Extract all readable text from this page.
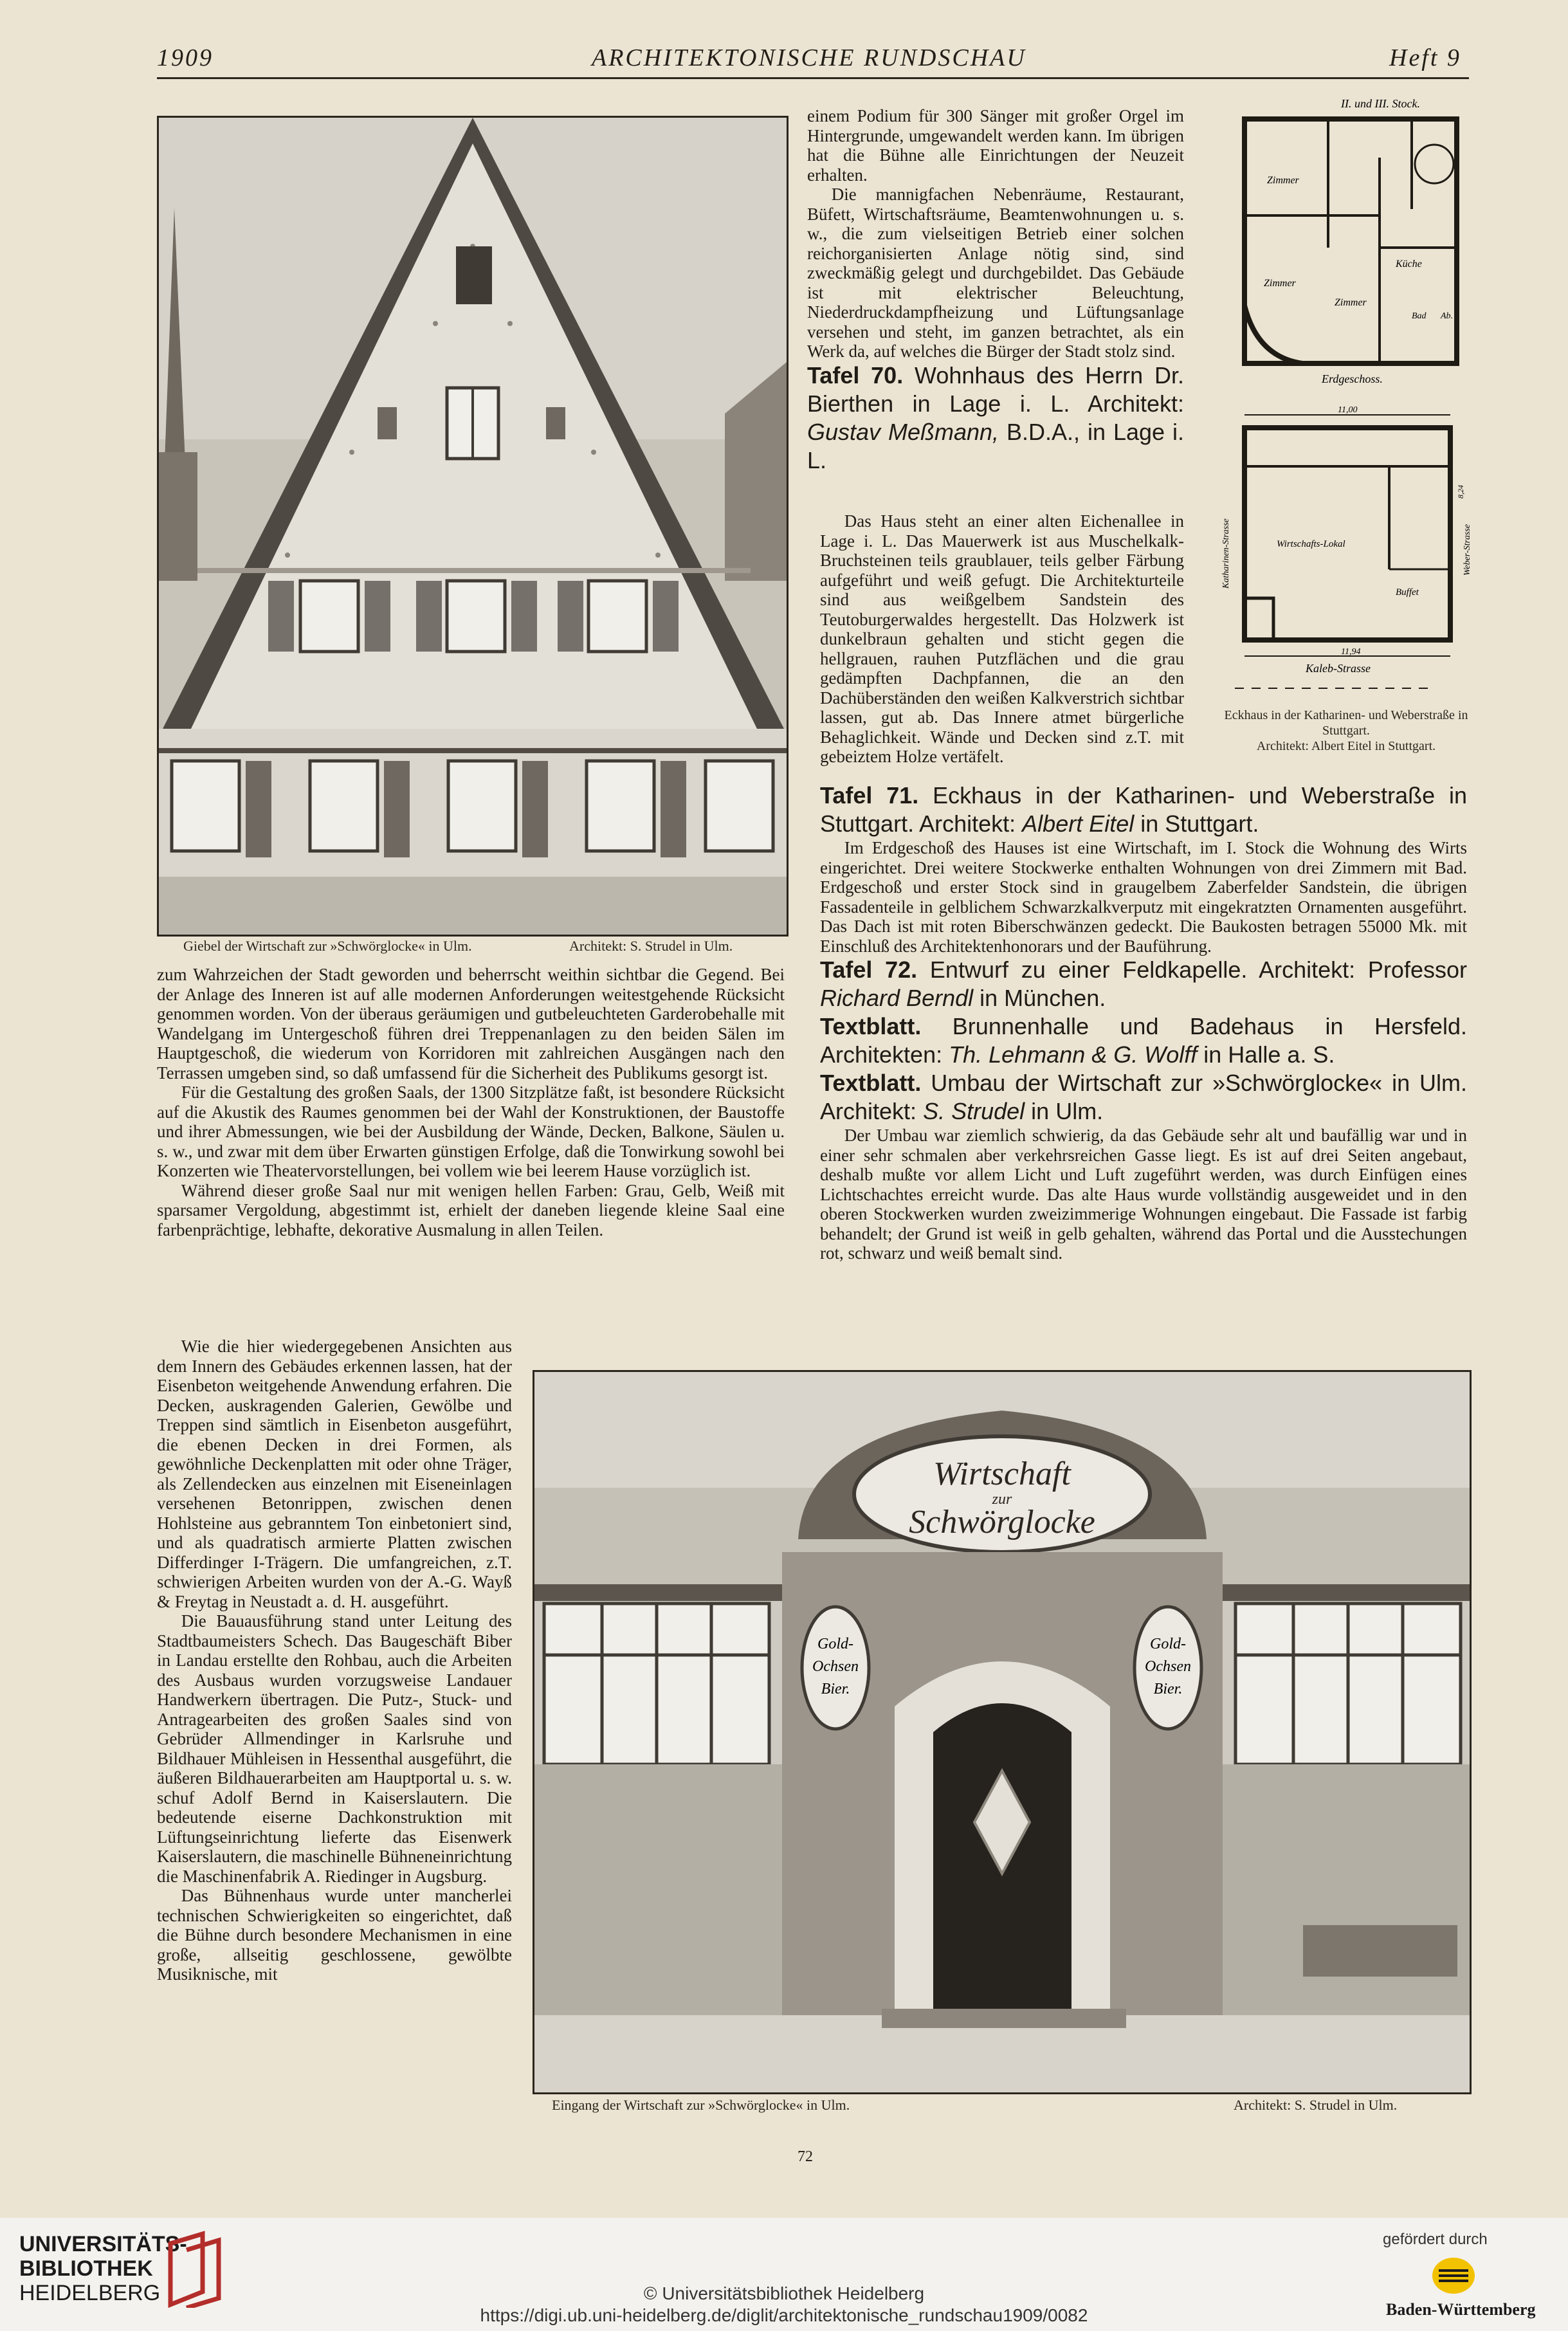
1909	ARCHITEKTONISCHE RUNDSCHAU	Heft 9
Giebel der Wirtschaft zur »Schwörglocke« in Ulm.	Architekt: S. Strudel in Ulm.

zum Wahrzeichen der Stadt geworden und beherrscht weithin sichtbar die Gegend. Bei der Anlage des Inneren ist auf alle modernen Anforderungen weitestgehende Rücksicht genommen worden. Von der überaus geräumigen und gutbeleuchteten Garderobehalle mit Wandelgang im Untergeschoß führen drei Treppenanlagen zu den beiden Sälen im Hauptgeschoß, die wiederum von Korridoren mit zahlreichen Ausgängen nach den Terrassen umgeben sind, so daß umfassend für die Sicherheit des Publikums gesorgt ist.

Für die Gestaltung des großen Saals, der 1300 Sitzplätze faßt, ist besondere Rücksicht auf die Akustik des Raumes genommen bei der Wahl der Konstruktionen, der Baustoffe und ihrer Abmessungen, wie bei der Ausbildung der Wände, Decken, Balkone, Säulen u. s. w., und zwar mit dem über Erwarten günstigen Erfolge, daß die Tonwirkung sowohl bei Konzerten wie Theatervorstellungen, bei vollem wie bei leerem Hause vorzüglich ist.

Während dieser große Saal nur mit wenigen hellen Farben: Grau, Gelb, Weiß mit sparsamer Vergoldung, abgestimmt ist, erhielt der daneben liegende kleine Saal eine farbenprächtige, lebhafte, dekorative Ausmalung in allen Teilen.

Wie die hier wiedergegebenen Ansichten aus dem Innern des Gebäudes erkennen lassen, hat der Eisenbeton weitgehende Anwendung erfahren. Die Decken, auskragenden Galerien, Gewölbe und Treppen sind sämtlich in Eisenbeton ausgeführt, die ebenen Decken in drei Formen, als gewöhnliche Deckenplatten mit oder ohne Träger, als Zellendecken aus einzelnen mit Eiseneinlagen versehenen Betonrippen, zwischen denen Hohlsteine aus gebranntem Ton einbetoniert sind, und als quadratisch armierte Platten zwischen Differdinger I-Trägern. Die umfangreichen, z.T. schwierigen Arbeiten wurden von der A.-G. Wayß & Freytag in Neustadt a. d. H. ausgeführt.

Die Bauausführung stand unter Leitung des Stadtbaumeisters Schech. Das Baugeschäft Biber in Landau erstellte den Rohbau, auch die Arbeiten des Ausbaus wurden vorzugsweise Landauer Handwerkern übertragen. Die Putz-, Stuck- und Antragearbeiten des großen Saales sind von Gebrüder Allmendinger in Karlsruhe und Bildhauer Mühleisen in Hessenthal ausgeführt, die äußeren Bildhauerarbeiten am Hauptportal u. s. w. schuf Adolf Bernd in Kaiserslautern. Die bedeutende eiserne Dachkonstruktion mit Lüftungseinrichtung lieferte das Eisenwerk Kaiserslautern, die maschinelle Bühneneinrichtung die Maschinenfabrik A. Riedinger in Augsburg.

Das Bühnenhaus wurde unter mancherlei technischen Schwierigkeiten so eingerichtet, daß die Bühne durch besondere Mechanismen in eine große, allseitig geschlossene, gewölbte Musiknische, mit

einem Podium für 300 Sänger mit großer Orgel im Hintergrunde, umgewandelt werden kann. Im übrigen hat die Bühne alle Einrichtungen der Neuzeit erhalten.

Die mannigfachen Nebenräume, Restaurant, Büfett, Wirtschaftsräume, Beamtenwohnungen u. s. w., die zum vielseitigen Betrieb einer solchen reichorganisierten Anlage nötig sind, sind zweckmäßig gelegt und durchgebildet. Das Gebäude ist mit elektrischer Beleuchtung, Niederdruckdampfheizung und Lüftungsanlage versehen und steht, im ganzen betrachtet, als ein Werk da, auf welches die Bürger der Stadt stolz sind.

Tafel 70. Wohnhaus des Herrn Dr. Bierthen in Lage i. L. Architekt: Gustav Meßmann, B.D.A., in Lage i. L.

Das Haus steht an einer alten Eichenallee in Lage i. L. Das Mauerwerk ist aus Muschelkalk-Bruchsteinen teils graublauer, teils gelber Färbung aufgeführt und weiß gefugt. Die Architekturteile sind aus weißgelbem Sandstein des Teutoburgerwaldes hergestellt. Das Holzwerk ist dunkelbraun gehalten und sticht gegen die hellgrauen, rauhen Putzflächen und die grau gedämpften Dachpfannen, die an den Dachüberständen den weißen Kalkverstrich sichtbar lassen, gut ab. Das Innere atmet bürgerliche Behaglichkeit. Wände und Decken sind z.T. mit gebeiztem Holze vertäfelt.

II. und III. Stock.
Zimmer
Zimmer
Zimmer
Küche
Bad Ab.
Erdgeschoss.
11,00
Wirtschafts-Lokal
Buffet
Katharinen-Strasse	Weber-Strasse
8,24
11,94
Kaleb-Strasse
Eckhaus in der Katharinen- und Weberstraße in Stuttgart.
Architekt: Albert Eitel in Stuttgart.

Tafel 71. Eckhaus in der Katharinen- und Weberstraße in Stuttgart. Architekt: Albert Eitel in Stuttgart.

Im Erdgeschoß des Hauses ist eine Wirtschaft, im I. Stock die Wohnung des Wirts eingerichtet. Drei weitere Stockwerke enthalten Wohnungen von drei Zimmern mit Bad. Erdgeschoß und erster Stock sind in graugelbem Zaberfelder Sandstein, die übrigen Fassadenteile in gelblichem Schwarzkalkverputz mit eingekratzten Ornamenten ausgeführt. Das Dach ist mit roten Biberschwänzen gedeckt. Die Baukosten betragen 55000 Mk. mit Einschluß des Architektenhonorars und der Bauführung.

Tafel 72. Entwurf zu einer Feldkapelle. Architekt: Professor Richard Berndl in München.

Textblatt. Brunnenhalle und Badehaus in Hersfeld. Architekten: Th. Lehmann & G. Wolff in Halle a. S.

Textblatt. Umbau der Wirtschaft zur »Schwörglocke« in Ulm. Architekt: S. Strudel in Ulm.

Der Umbau war ziemlich schwierig, da das Gebäude sehr alt und baufällig war und in einer sehr schmalen aber verkehrsreichen Gasse liegt. Es ist auf drei Seiten angebaut, deshalb mußte vor allem Licht und Luft zugeführt werden, was durch Einfügen eines Lichtschachtes erreicht wurde. Das alte Haus wurde vollständig ausgeweidet und in den oberen Stockwerken wurden zweizimmerige Wohnungen eingebaut. Die Fassade ist farbig behandelt; der Grund ist weiß in gelb gehalten, während das Portal und die Ausstechungen rot, schwarz und weiß bemalt sind.

Wirtschaft
zur
Schwörglocke
Gold-
Ochsen
Bier.
Gold-
Ochsen
Bier.
Eingang der Wirtschaft zur »Schwörglocke« in Ulm.	Architekt: S. Strudel in Ulm.
72
UNIVERSITÄTS-
BIBLIOTHEK
HEIDELBERG	© Universitätsbibliothek Heidelberg
https://digi.ub.uni-heidelberg.de/diglit/architektonische_rundschau1909/0082
gefördert durch
Baden-Württemberg
